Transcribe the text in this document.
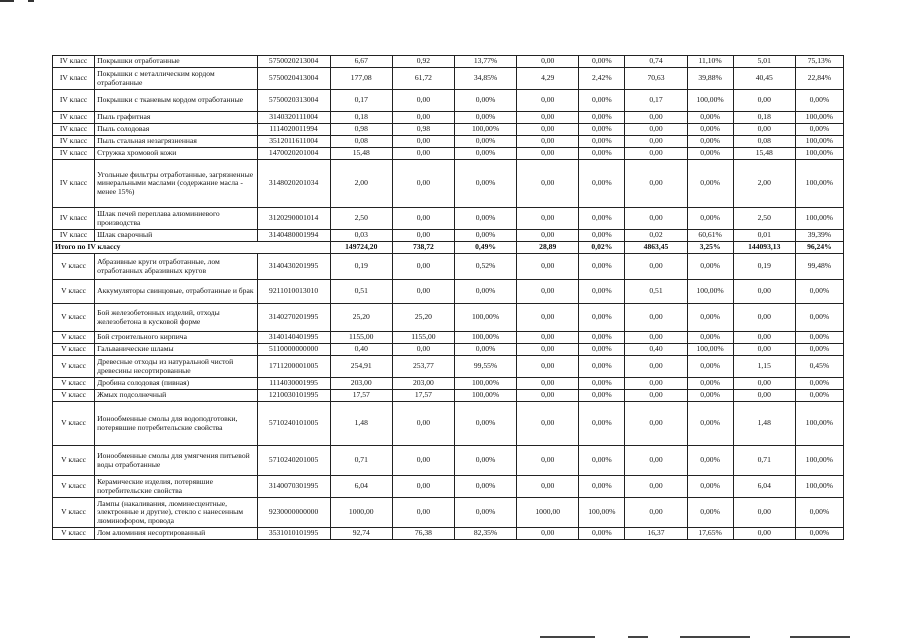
IV класс	Покрышки отработанные	5750020213004	6,67	0,92	13,77%	0,00	0,00%	0,74	11,10%	5,01	75,13%
IV класс	Покрышки с металлическим кордом отработанные	5750020413004	177,08	61,72	34,85%	4,29	2,42%	70,63	39,88%	40,45	22,84%
IV класс	Покрышки с тканевым кордом отработанные	5750020313004	0,17	0,00	0,00%	0,00	0,00%	0,17	100,00%	0,00	0,00%
IV класс	Пыль графитная	3140320111004	0,18	0,00	0,00%	0,00	0,00%	0,00	0,00%	0,18	100,00%
IV класс	Пыль солодовая	1114020011994	0,98	0,98	100,00%	0,00	0,00%	0,00	0,00%	0,00	0,00%
IV класс	Пыль стальная незагрязненная	3512011611004	0,08	0,00	0,00%	0,00	0,00%	0,00	0,00%	0,08	100,00%
IV класс	Стружка хромовой кожи	1470020201004	15,48	0,00	0,00%	0,00	0,00%	0,00	0,00%	15,48	100,00%
IV класс	Угольные фильтры отработанные, загрязненные минеральными маслами (содержание масла - менее 15%)	3148020201034	2,00	0,00	0,00%	0,00	0,00%	0,00	0,00%	2,00	100,00%
IV класс	Шлак печей переплава алюминиевого производства	3120290001014	2,50	0,00	0,00%	0,00	0,00%	0,00	0,00%	2,50	100,00%
IV класс	Шлак сварочный	3140480001994	0,03	0,00	0,00%	0,00	0,00%	0,02	60,61%	0,01	39,39%
Итого по IV классу			149724,20	738,72	0,49%	28,89	0,02%	4863,45	3,25%	144093,13	96,24%
V класс	Абразивные круги отработанные, лом отработанных абразивных кругов	3140430201995	0,19	0,00	0,52%	0,00	0,00%	0,00	0,00%	0,19	99,48%
V класс	Аккумуляторы свинцовые, отработанные и брак	9211010013010	0,51	0,00	0,00%	0,00	0,00%	0,51	100,00%	0,00	0,00%
V класс	Бой железобетонных изделий, отходы железобетона в кусковой форме	3140270201995	25,20	25,20	100,00%	0,00	0,00%	0,00	0,00%	0,00	0,00%
V класс	Бой строительного кирпича	3140140401995	1155,00	1155,00	100,00%	0,00	0,00%	0,00	0,00%	0,00	0,00%
V класс	Гальванические шламы	5110000000000	0,40	0,00	0,00%	0,00	0,00%	0,40	100,00%	0,00	0,00%
V класс	Древесные отходы из натуральной чистой древесины несортированные	1711200001005	254,91	253,77	99,55%	0,00	0,00%	0,00	0,00%	1,15	0,45%
V класс	Дробина солодовая (пивная)	1114030001995	203,00	203,00	100,00%	0,00	0,00%	0,00	0,00%	0,00	0,00%
V класс	Жмых подсолнечный	1210030101995	17,57	17,57	100,00%	0,00	0,00%	0,00	0,00%	0,00	0,00%
V класс	Ионообменные смолы для водоподготовки, потерявшие потребительские свойства	5710240101005	1,48	0,00	0,00%	0,00	0,00%	0,00	0,00%	1,48	100,00%
V класс	Ионообменные смолы для умягчения питьевой воды отработанные	5710240201005	0,71	0,00	0,00%	0,00	0,00%	0,00	0,00%	0,71	100,00%
V класс	Керамические изделия, потерявшие потребительские свойства	3140070301995	6,04	0,00	0,00%	0,00	0,00%	0,00	0,00%	6,04	100,00%
V класс	Лампы (накаливания, люминесцентные, электронные и другие), стекло с нанесенным люминофором, провода	9230000000000	1000,00	0,00	0,00%	1000,00	100,00%	0,00	0,00%	0,00	0,00%
V класс	Лом алюминия несортированный	3531010101995	92,74	76,38	82,35%	0,00	0,00%	16,37	17,65%	0,00	0,00%
